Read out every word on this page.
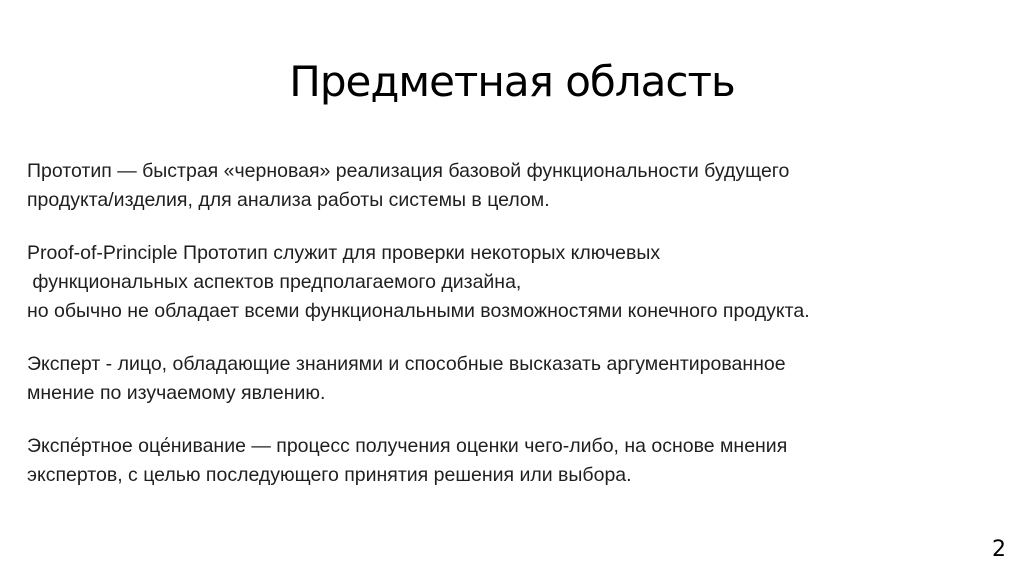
Предметная область

Прототип — быстрая «черновая» реализация базовой функциональности будущего
продукта/изделия, для анализа работы системы в целом.

Proof-of-Principle Прототип служит для проверки некоторых ключевых
функциональных аспектов предполагаемого дизайна,
но обычно не обладает всеми функциональными возможностями конечного продукта.

Эксперт - лицо, обладающие знаниями и способные высказать аргументированное
мнение по изучаемому явлению.

Экспе́ртное оце́нивание — процесс получения оценки чего-либо, на основе мнения
экспертов, с целью последующего принятия решения или выбора.

2
